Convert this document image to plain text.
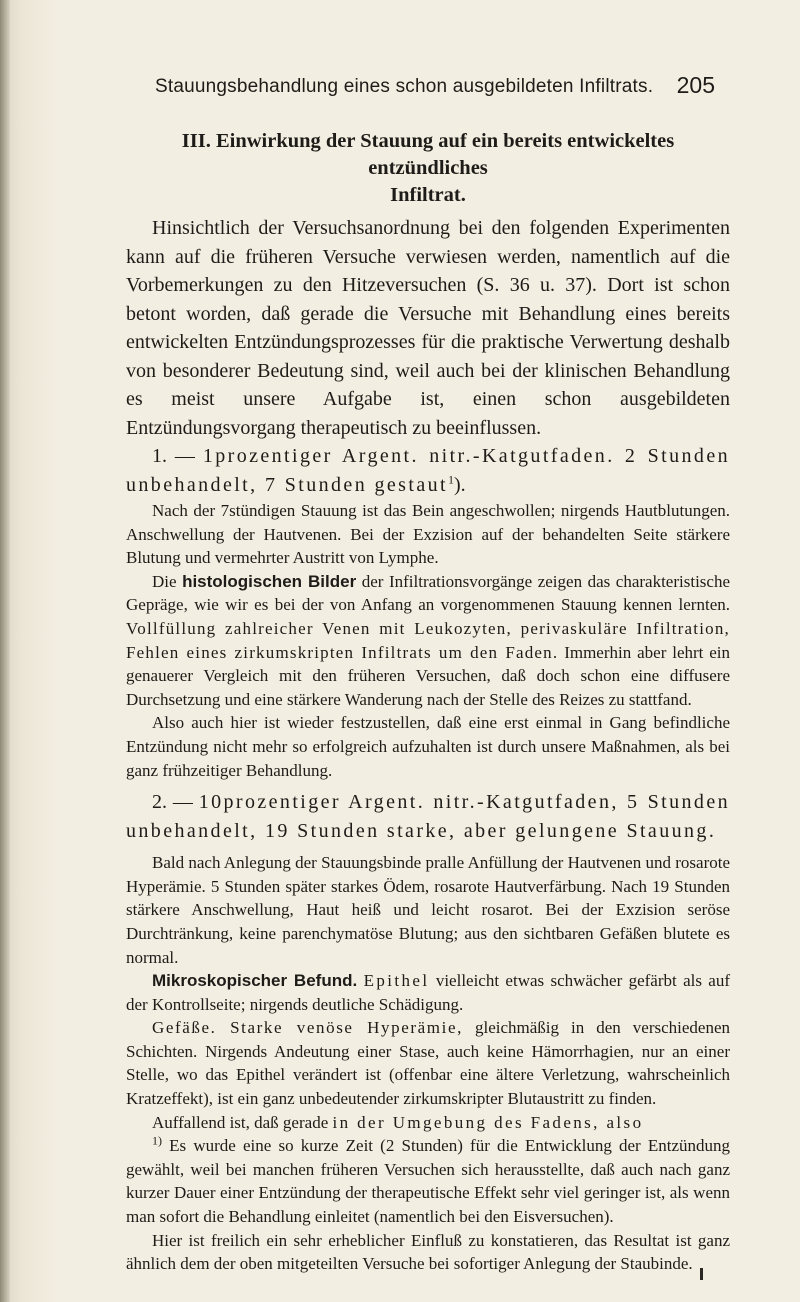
Stauungsbehandlung eines schon ausgebildeten Infiltrats. 205
III. Einwirkung der Stauung auf ein bereits entwickeltes entzündliches
Infiltrat.

Hinsichtlich der Versuchsanordnung bei den folgenden Experimenten kann auf die früheren Versuche verwiesen werden, namentlich auf die Vorbemerkungen zu den Hitzeversuchen (S. 36 u. 37). Dort ist schon betont worden, daß gerade die Versuche mit Behandlung eines bereits entwickelten Entzündungsprozesses für die praktische Verwertung deshalb von besonderer Bedeutung sind, weil auch bei der klinischen Behandlung es meist unsere Aufgabe ist, einen schon ausgebildeten Entzündungsvorgang therapeutisch zu beeinflussen.

1. — 1prozentiger Argent. nitr.-Katgutfaden. 2 Stunden unbehandelt, 7 Stunden gestaut$^1$).

Nach der 7stündigen Stauung ist das Bein angeschwollen; nirgends Hautblutungen. Anschwellung der Hautvenen. Bei der Exzision auf der behandelten Seite stärkere Blutung und vermehrter Austritt von Lymphe.

Die histologischen Bilder der Infiltrationsvorgänge zeigen das charakteristische Gepräge, wie wir es bei der von Anfang an vorgenommenen Stauung kennen lernten. Vollfüllung zahlreicher Venen mit Leukozyten, perivaskuläre Infiltration, Fehlen eines zirkumskripten Infiltrats um den Faden. Immerhin aber lehrt ein genauerer Vergleich mit den früheren Versuchen, daß doch schon eine diffusere Durchsetzung und eine stärkere Wanderung nach der Stelle des Reizes zu stattfand.

Also auch hier ist wieder festzustellen, daß eine erst einmal in Gang befindliche Entzündung nicht mehr so erfolgreich aufzuhalten ist durch unsere Maßnahmen, als bei ganz frühzeitiger Behandlung.

2. — 10prozentiger Argent. nitr.-Katgutfaden, 5 Stunden unbehandelt, 19 Stunden starke, aber gelungene Stauung.

Bald nach Anlegung der Stauungsbinde pralle Anfüllung der Hautvenen und rosarote Hyperämie. 5 Stunden später starkes Ödem, rosarote Hautverfärbung. Nach 19 Stunden stärkere Anschwellung, Haut heiß und leicht rosarot. Bei der Exzision seröse Durchtränkung, keine parenchymatöse Blutung; aus den sichtbaren Gefäßen blutete es normal.

Mikroskopischer Befund. Epithel vielleicht etwas schwächer gefärbt als auf der Kontrollseite; nirgends deutliche Schädigung.

Gefäße. Starke venöse Hyperämie, gleichmäßig in den verschiedenen Schichten. Nirgends Andeutung einer Stase, auch keine Hämorrhagien, nur an einer Stelle, wo das Epithel verändert ist (offenbar eine ältere Verletzung, wahrscheinlich Kratzeffekt), ist ein ganz unbedeutender zirkumskripter Blutaustritt zu finden.

Auffallend ist, daß gerade in der Umgebung des Fadens, also

$^{1)}$ Es wurde eine so kurze Zeit (2 Stunden) für die Entwicklung der Entzündung gewählt, weil bei manchen früheren Versuchen sich herausstellte, daß auch nach ganz kurzer Dauer einer Entzündung der therapeutische Effekt sehr viel geringer ist, als wenn man sofort die Behandlung einleitet (namentlich bei den Eisversuchen).

Hier ist freilich ein sehr erheblicher Einfluß zu konstatieren, das Resultat ist ganz ähnlich dem der oben mitgeteilten Versuche bei sofortiger Anlegung der Staubinde.
